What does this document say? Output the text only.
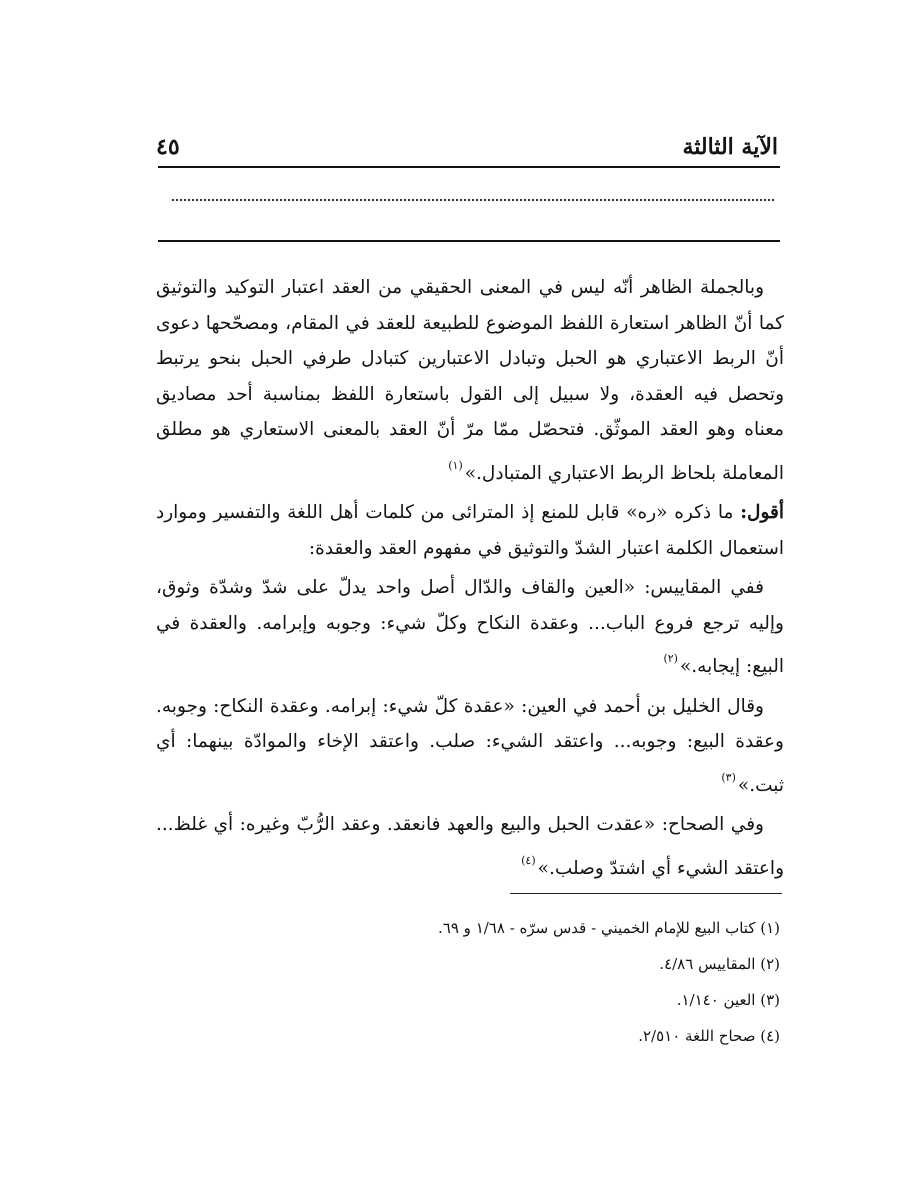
الآية الثالثة
٤٥

وبالجملة الظاهر أنّه ليس في المعنى الحقيقي من العقد اعتبار التوكيد والتوثيق كما أنّ الظاهر استعارة اللفظ الموضوع للطبيعة للعقد في المقام، ومصحّحها دعوى أنّ الربط الاعتباري هو الحبل وتبادل الاعتبارين كتبادل طرفي الحبل بنحو يرتبط وتحصل فيه العقدة، ولا سبيل إلى القول باستعارة اللفظ بمناسبة أحد مصاديق معناه وهو العقد الموثّق. فتحصّل ممّا مرّ أنّ العقد بالمعنى الاستعاري هو مطلق المعاملة بلحاظ الربط الاعتباري المتبادل.»$^{(١)}$

أقول: ما ذكره «ره» قابل للمنع إذ المترائى من كلمات أهل اللغة والتفسير وموارد استعمال الكلمة اعتبار الشدّ والتوثيق في مفهوم العقد والعقدة:

ففي المقاييس: «العين والقاف والدّال أصل واحد يدلّ على شدّ وشدّة وثوق، وإليه ترجع فروع الباب... وعقدة النكاح وكلّ شيء: وجوبه وإبرامه. والعقدة في البيع: إيجابه.»$^{(٢)}$

وقال الخليل بن أحمد في العين: «عقدة كلّ شيء: إبرامه. وعقدة النكاح: وجوبه. وعقدة البيع: وجوبه... واعتقد الشيء: صلب. واعتقد الإخاء والموادّة بينهما: أي ثبت.»$^{(٣)}$

وفي الصحاح: «عقدت الحبل والبيع والعهد فانعقد. وعقد الرُّبّ وغيره: أي غلظ... واعتقد الشيء أي اشتدّ وصلب.»$^{(٤)}$

(١) كتاب البيع للإمام الخميني - قدس سرّه - ١/٦٨ و ٦٩.
(٢) المقاييس ٤/٨٦.
(٣) العين ١/١٤٠.
(٤) صحاح اللغة ٢/٥١٠.
